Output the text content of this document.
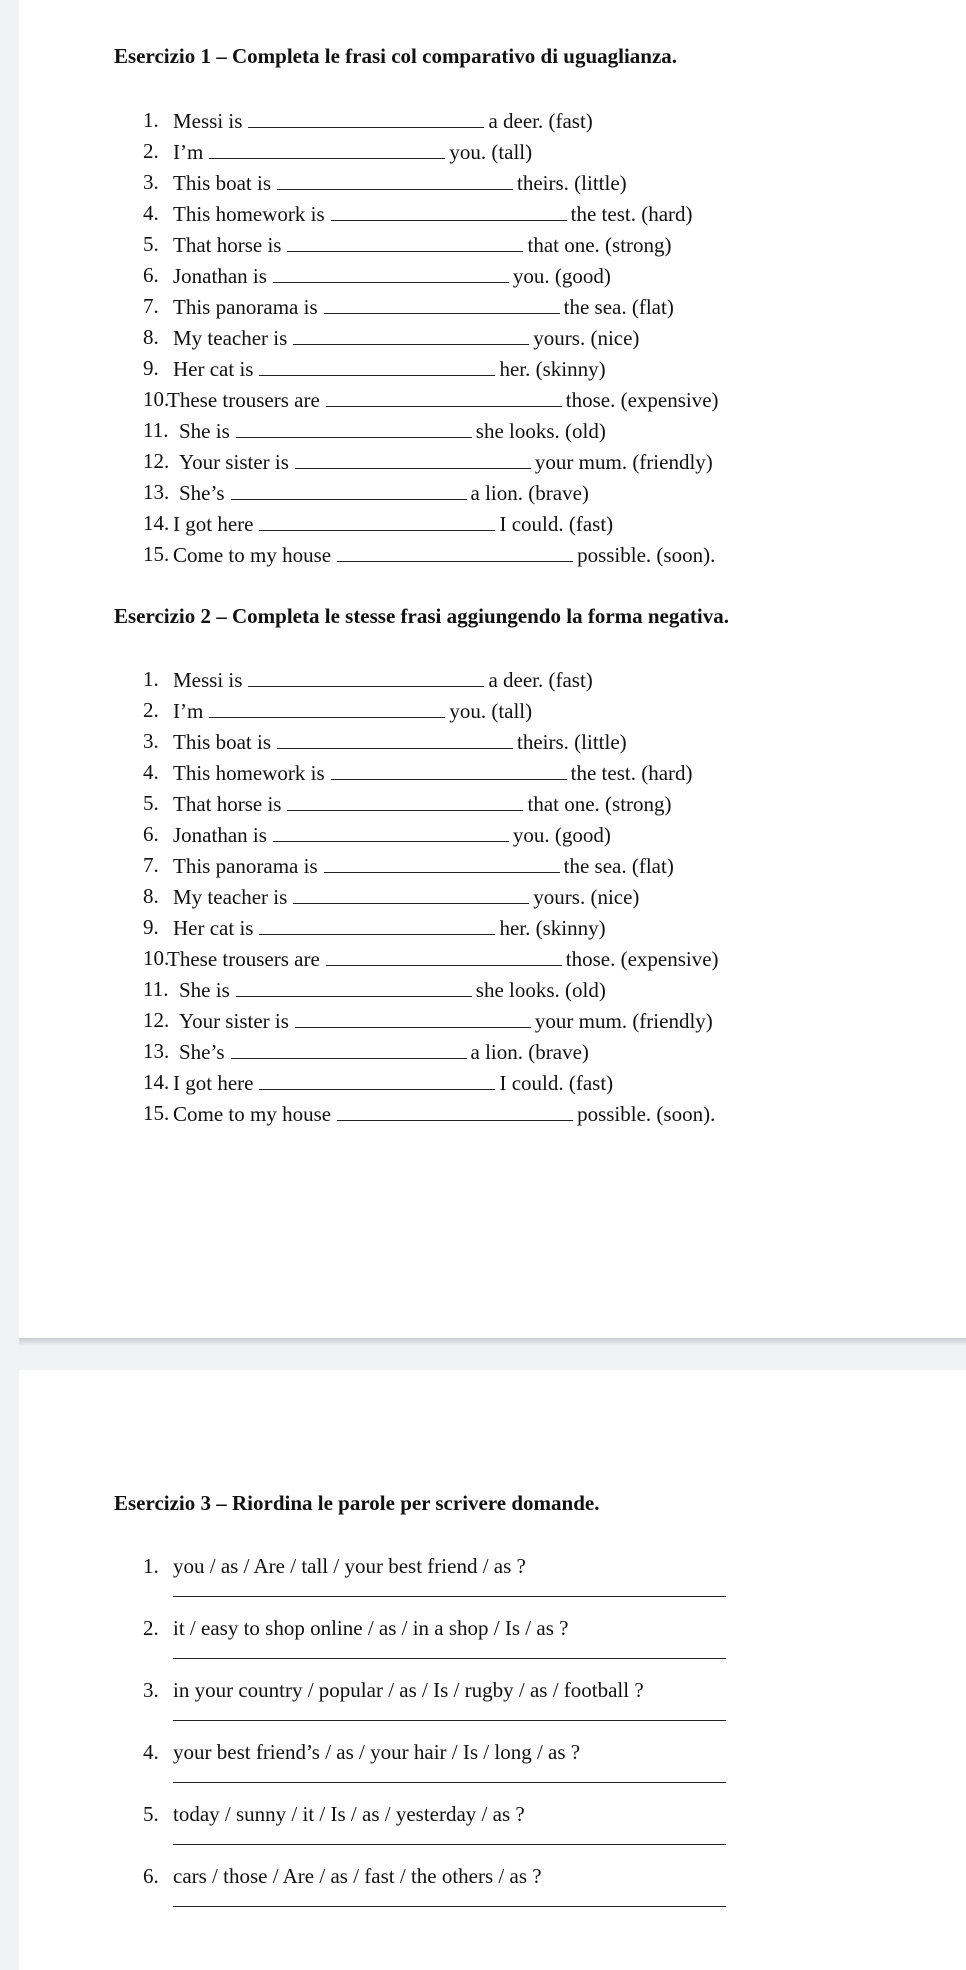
Esercizio 1 – Completa le frasi col comparativo di uguaglianza.
1. Messi is	a deer. (fast)
2. I’m	you. (tall)
3. This boat is	theirs. (little)
4. This homework is	the test. (hard)
5. That horse is	that one. (strong)
6. Jonathan is	you. (good)
7. This panorama is	the sea. (flat)
8. My teacher is	yours. (nice)
9. Her cat is	her. (skinny)
10.
These trousers are	those. (expensive)
11. She is	she looks. (old)
12. Your sister is	your mum. (friendly)
13. She’s	a lion. (brave)
14. I got here	I could. (fast)
15. Come to my house	possible. (soon).
Esercizio 2 – Completa le stesse frasi aggiungendo la forma negativa.
1. Messi is	a deer. (fast)
2. I’m	you. (tall)
3. This boat is	theirs. (little)
4. This homework is	the test. (hard)
5. That horse is	that one. (strong)
6. Jonathan is	you. (good)
7. This panorama is	the sea. (flat)
8. My teacher is	yours. (nice)
9. Her cat is	her. (skinny)
10.
These trousers are	those. (expensive)
11. She is	she looks. (old)
12. Your sister is	your mum. (friendly)
13. She’s	a lion. (brave)
14. I got here	I could. (fast)
15. Come to my house	possible. (soon).
Esercizio 3 – Riordina le parole per scrivere domande.
1. you / as / Are / tall / your best friend / as ?
2. it / easy to shop online / as / in a shop / Is / as ?
3. in your country / popular / as / Is / rugby / as / football ?
4. your best friend’s / as / your hair / Is / long / as ?
5. today / sunny / it / Is / as / yesterday / as ?
6. cars / those / Are / as / fast / the others / as ?
